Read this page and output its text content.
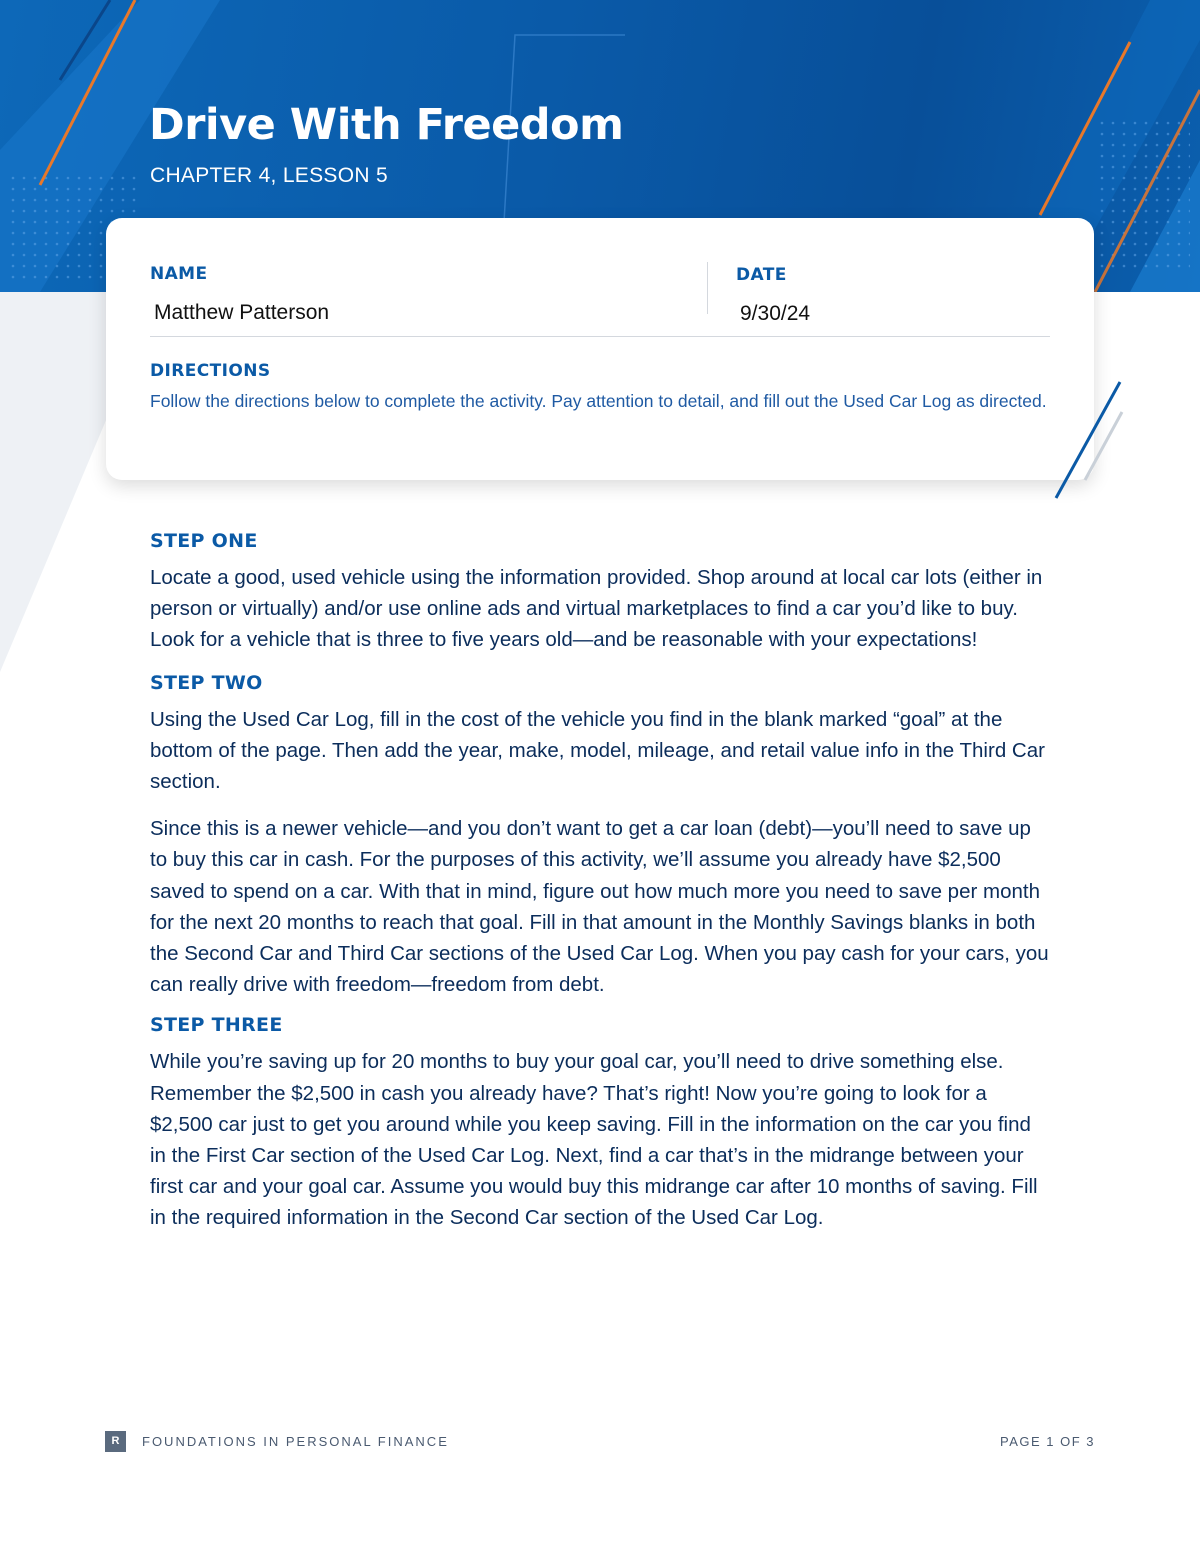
Drive With Freedom
CHAPTER 4, LESSON 5
NAME
Matthew Patterson
DATE
9/30/24
DIRECTIONS
Follow the directions below to complete the activity. Pay attention to detail, and fill out the Used Car Log as directed.
STEP ONE

Locate a good, used vehicle using the information provided. Shop around at local car lots (either in person or virtually) and/or use online ads and virtual marketplaces to find a car you’d like to buy. Look for a vehicle that is three to five years old—and be reasonable with your expectations!

STEP TWO

Using the Used Car Log, fill in the cost of the vehicle you find in the blank marked “goal” at the bottom of the page. Then add the year, make, model, mileage, and retail value info in the Third Car section.

Since this is a newer vehicle—and you don’t want to get a car loan (debt)—you’ll need to save up to buy this car in cash. For the purposes of this activity, we’ll assume you already have $2,500 saved to spend on a car. With that in mind, figure out how much more you need to save per month for the next 20 months to reach that goal. Fill in that amount in the Monthly Savings blanks in both the Second Car and Third Car sections of the Used Car Log. When you pay cash for your cars, you can really drive with freedom—freedom from debt.

STEP THREE

While you’re saving up for 20 months to buy your goal car, you’ll need to drive something else. Remember the $2,500 in cash you already have? That’s right! Now you’re going to look for a $2,500 car just to get you around while you keep saving. Fill in the information on the car you find in the First Car section of the Used Car Log. Next, find a car that’s in the midrange between your first car and your goal car. Assume you would buy this midrange car after 10 months of saving. Fill in the required information in the Second Car section of the Used Car Log.

R	FOUNDATIONS IN PERSONAL FINANCE	PAGE 1 OF 3
